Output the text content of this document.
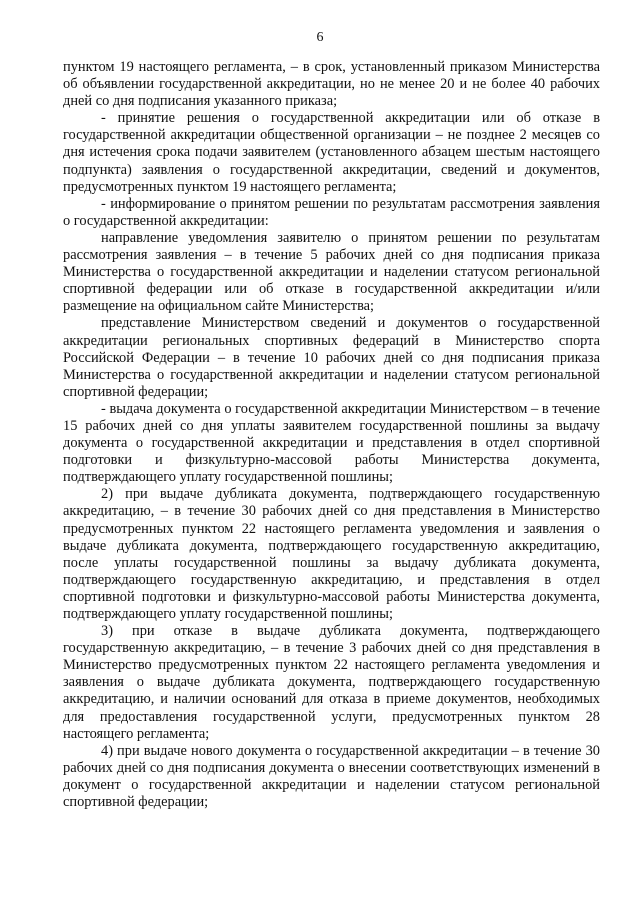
6

пунктом 19 настоящего регламента, – в срок, установленный приказом Министерства об объявлении государственной аккредитации, но не менее 20 и не более 40 рабочих дней со дня подписания указанного приказа;

- принятие решения о государственной аккредитации или об отказе в государственной аккредитации общественной организации – не позднее 2 месяцев со дня истечения срока подачи заявителем (установленного абзацем шестым настоящего подпункта) заявления о государственной аккредитации, сведений и документов, предусмотренных пунктом 19 настоящего регламента;

- информирование о принятом решении по результатам рассмотрения заявления о государственной аккредитации:

направление уведомления заявителю о принятом решении по результатам рассмотрения заявления – в течение 5 рабочих дней со дня подписания приказа Министерства о государственной аккредитации и наделении статусом региональной спортивной федерации или об отказе в государственной аккредитации и/или размещение на официальном сайте Министерства;

представление Министерством сведений и документов о государственной аккредитации региональных спортивных федераций в Министерство спорта Российской Федерации – в течение 10 рабочих дней со дня подписания приказа Министерства о государственной аккредитации и наделении статусом региональной спортивной федерации;

- выдача документа о государственной аккредитации Министерством – в течение 15 рабочих дней со дня уплаты заявителем государственной пошлины за выдачу документа о государственной аккредитации и представления в отдел спортивной подготовки и физкультурно-массовой работы Министерства документа, подтверждающего уплату государственной пошлины;

2) при выдаче дубликата документа, подтверждающего государственную аккредитацию, – в течение 30 рабочих дней со дня представления в Министерство предусмотренных пунктом 22 настоящего регламента уведомления и заявления о выдаче дубликата документа, подтверждающего государственную аккредитацию, после уплаты государственной пошлины за выдачу дубликата документа, подтверждающего государственную аккредитацию, и представления в отдел спортивной подготовки и физкультурно-массовой работы Министерства документа, подтверждающего уплату государственной пошлины;

3) при отказе в выдаче дубликата документа, подтверждающего государственную аккредитацию, – в течение 3 рабочих дней со дня представления в Министерство предусмотренных пунктом 22 настоящего регламента уведомления и заявления о выдаче дубликата документа, подтверждающего государственную аккредитацию, и наличии оснований для отказа в приеме документов, необходимых для предоставления государственной услуги, предусмотренных пунктом 28 настоящего регламента;

4) при выдаче нового документа о государственной аккредитации – в течение 30 рабочих дней со дня подписания документа о внесении соответствующих изменений в документ о государственной аккредитации и наделении статусом региональной спортивной федерации;
